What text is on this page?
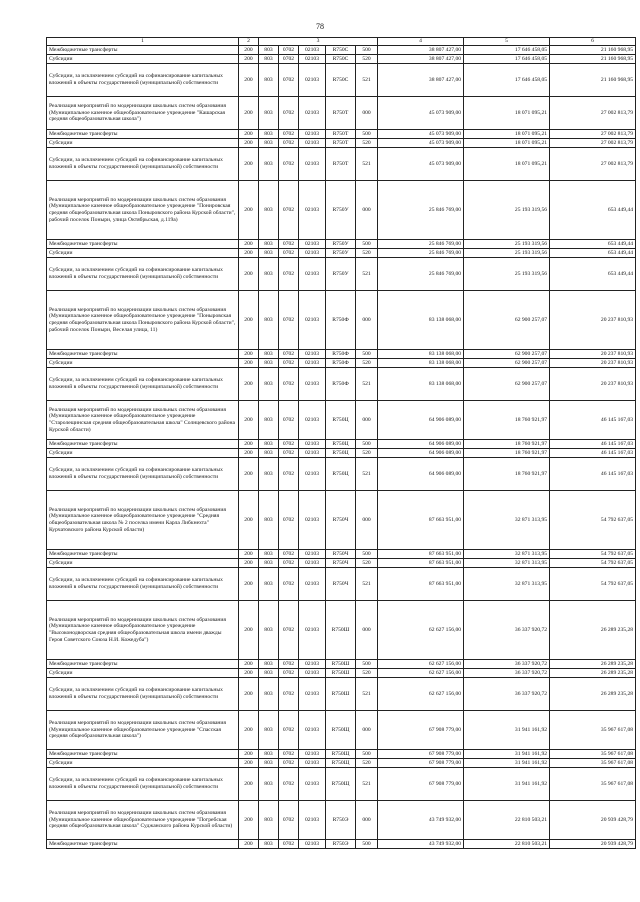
78
1	2	3					4	5	6
Межбюджетные трансферты	200	803	0702	02103	R750С	500	38 807 427,00	17 646 458,05	21 160 968,95
Субсидии	200	803	0702	02103	R750С	520	38 807 427,00	17 646 458,05	21 160 968,95
Субсидии, за исключением субсидий на софинансирование капитальных вложений в объекты государственной (муниципальной) собственности	200	803	0702	02103	R750С	521	38 807 427,00	17 646 458,05	21 160 968,95
Реализация мероприятий по модернизации школьных систем образования (Муниципальное казенное общеобразовательное учреждение "Кашарская средняя общеобразовательная школа")	200	803	0702	02103	R750Т	000	45 073 909,00	18 071 095,21	27 002 813,79
Межбюджетные трансферты	200	803	0702	02103	R750Т	500	45 073 909,00	18 071 095,21	27 002 813,79
Субсидии	200	803	0702	02103	R750Т	520	45 073 909,00	18 071 095,21	27 002 813,79
Субсидии, за исключением субсидий на софинансирование капитальных вложений в объекты государственной (муниципальной) собственности	200	803	0702	02103	R750Т	521	45 073 909,00	18 071 095,21	27 002 813,79
Реализация мероприятий по модернизации школьных систем образования (Муниципальное казенное общеобразовательное учреждение "Понировская средняя общеобразовательная школа Поныровского района Курской области", рабочий поселок Поныри, улица Октябрьская, д.119а)	200	803	0702	02103	R750У	000	25 846 769,00	25 193 319,56	653 449,44
Межбюджетные трансферты	200	803	0702	02103	R750У	500	25 846 769,00	25 193 319,56	653 449,44
Субсидии	200	803	0702	02103	R750У	520	25 846 769,00	25 193 319,56	653 449,44
Субсидии, за исключением субсидий на софинансирование капитальных вложений в объекты государственной (муниципальной) собственности	200	803	0702	02103	R750У	521	25 846 769,00	25 193 319,56	653 449,44
Реализация мероприятий по модернизации школьных систем образования (Муниципальное казенное общеобразовательное учреждение "Поныровская средняя общеобразовательная школа Поныровского района Курской области", рабочий поселок Поныри, Веселая улица, 11)	200	803	0702	02103	R750Ф	000	83 138 068,00	62 900 257,07	20 237 810,93
Межбюджетные трансферты	200	803	0702	02103	R750Ф	500	83 138 068,00	62 900 257,07	20 237 810,93
Субсидии	200	803	0702	02103	R750Ф	520	83 138 068,00	62 900 257,07	20 237 810,93
Субсидии, за исключением субсидий на софинансирование капитальных вложений в объекты государственной (муниципальной) собственности	200	803	0702	02103	R750Ф	521	83 138 068,00	62 900 257,07	20 237 810,93
Реализация мероприятий по модернизации школьных систем образования (Муниципальное казенное общеобразовательное учреждение "Старолещинская средняя общеобразовательная школа" Солнцевского района Курской области)	200	803	0702	02103	R750Ц	000	64 906 089,00	18 760 921,97	46 145 167,03
Межбюджетные трансферты	200	803	0702	02103	R750Ц	500	64 906 089,00	18 760 921,97	46 145 167,03
Субсидии	200	803	0702	02103	R750Ц	520	64 906 089,00	18 760 921,97	46 145 167,03
Субсидии, за исключением субсидий на софинансирование капитальных вложений в объекты государственной (муниципальной) собственности	200	803	0702	02103	R750Ц	521	64 906 089,00	18 760 921,97	46 145 167,03
Реализация мероприятий по модернизации школьных систем образования (Муниципальное казенное общеобразовательное учреждение "Средняя общеобразовательная школа № 2 поселка имени Карла Либкнехта" Курчатовского района Курской области)	200	803	0702	02103	R750Ч	000	87 663 951,00	32 871 313,95	54 792 637,05
Межбюджетные трансферты	200	803	0702	02103	R750Ч	500	87 663 951,00	32 871 313,95	54 792 637,05
Субсидии	200	803	0702	02103	R750Ч	520	87 663 951,00	32 871 313,95	54 792 637,05
Субсидии, за исключением субсидий на софинансирование капитальных вложений в объекты государственной (муниципальной) собственности	200	803	0702	02103	R750Ч	521	87 663 951,00	32 871 313,95	54 792 637,05
Реализация мероприятий по модернизации школьных систем образования (Муниципальное казенное общеобразовательное учреждение "Высоконодворская средняя общеобразовательная школа имени дважды Героя Советского Союза Н.И. Кожедуба")	200	803	0702	02103	R750Ш	000	62 627 156,00	36 337 920,72	26 289 235,28
Межбюджетные трансферты	200	803	0702	02103	R750Ш	500	62 627 156,00	36 337 920,72	26 289 235,28
Субсидии	200	803	0702	02103	R750Ш	520	62 627 156,00	36 337 920,72	26 289 235,28
Субсидии, за исключением субсидий на софинансирование капитальных вложений в объекты государственной (муниципальной) собственности	200	803	0702	02103	R750Ш	521	62 627 156,00	36 337 920,72	26 289 235,28
Реализация мероприятий по модернизации школьных систем образования (Муниципальное казенное общеобразовательное учреждение "Спасская средняя общеобразовательная школа")	200	803	0702	02103	R750Щ	000	67 908 779,00	31 941 161,92	35 967 617,08
Межбюджетные трансферты	200	803	0702	02103	R750Щ	500	67 908 779,00	31 941 161,92	35 967 617,08
Субсидии	200	803	0702	02103	R750Щ	520	67 908 779,00	31 941 161,92	35 967 617,08
Субсидии, за исключением субсидий на софинансирование капитальных вложений в объекты государственной (муниципальной) собственности	200	803	0702	02103	R750Щ	521	67 908 779,00	31 941 161,92	35 967 617,08
Реализация мероприятий по модернизации школьных систем образования (Муниципальное казенное общеобразовательное учреждение "Погребская средняя общеобразовательная школа" Суджанского района Курской области)	200	803	0702	02103	R750Э	000	43 749 932,00	22 810 503,21	20 939 428,79
Межбюджетные трансферты	200	803	0702	02103	R750Э	500	43 749 932,00	22 810 503,21	20 939 428,79
